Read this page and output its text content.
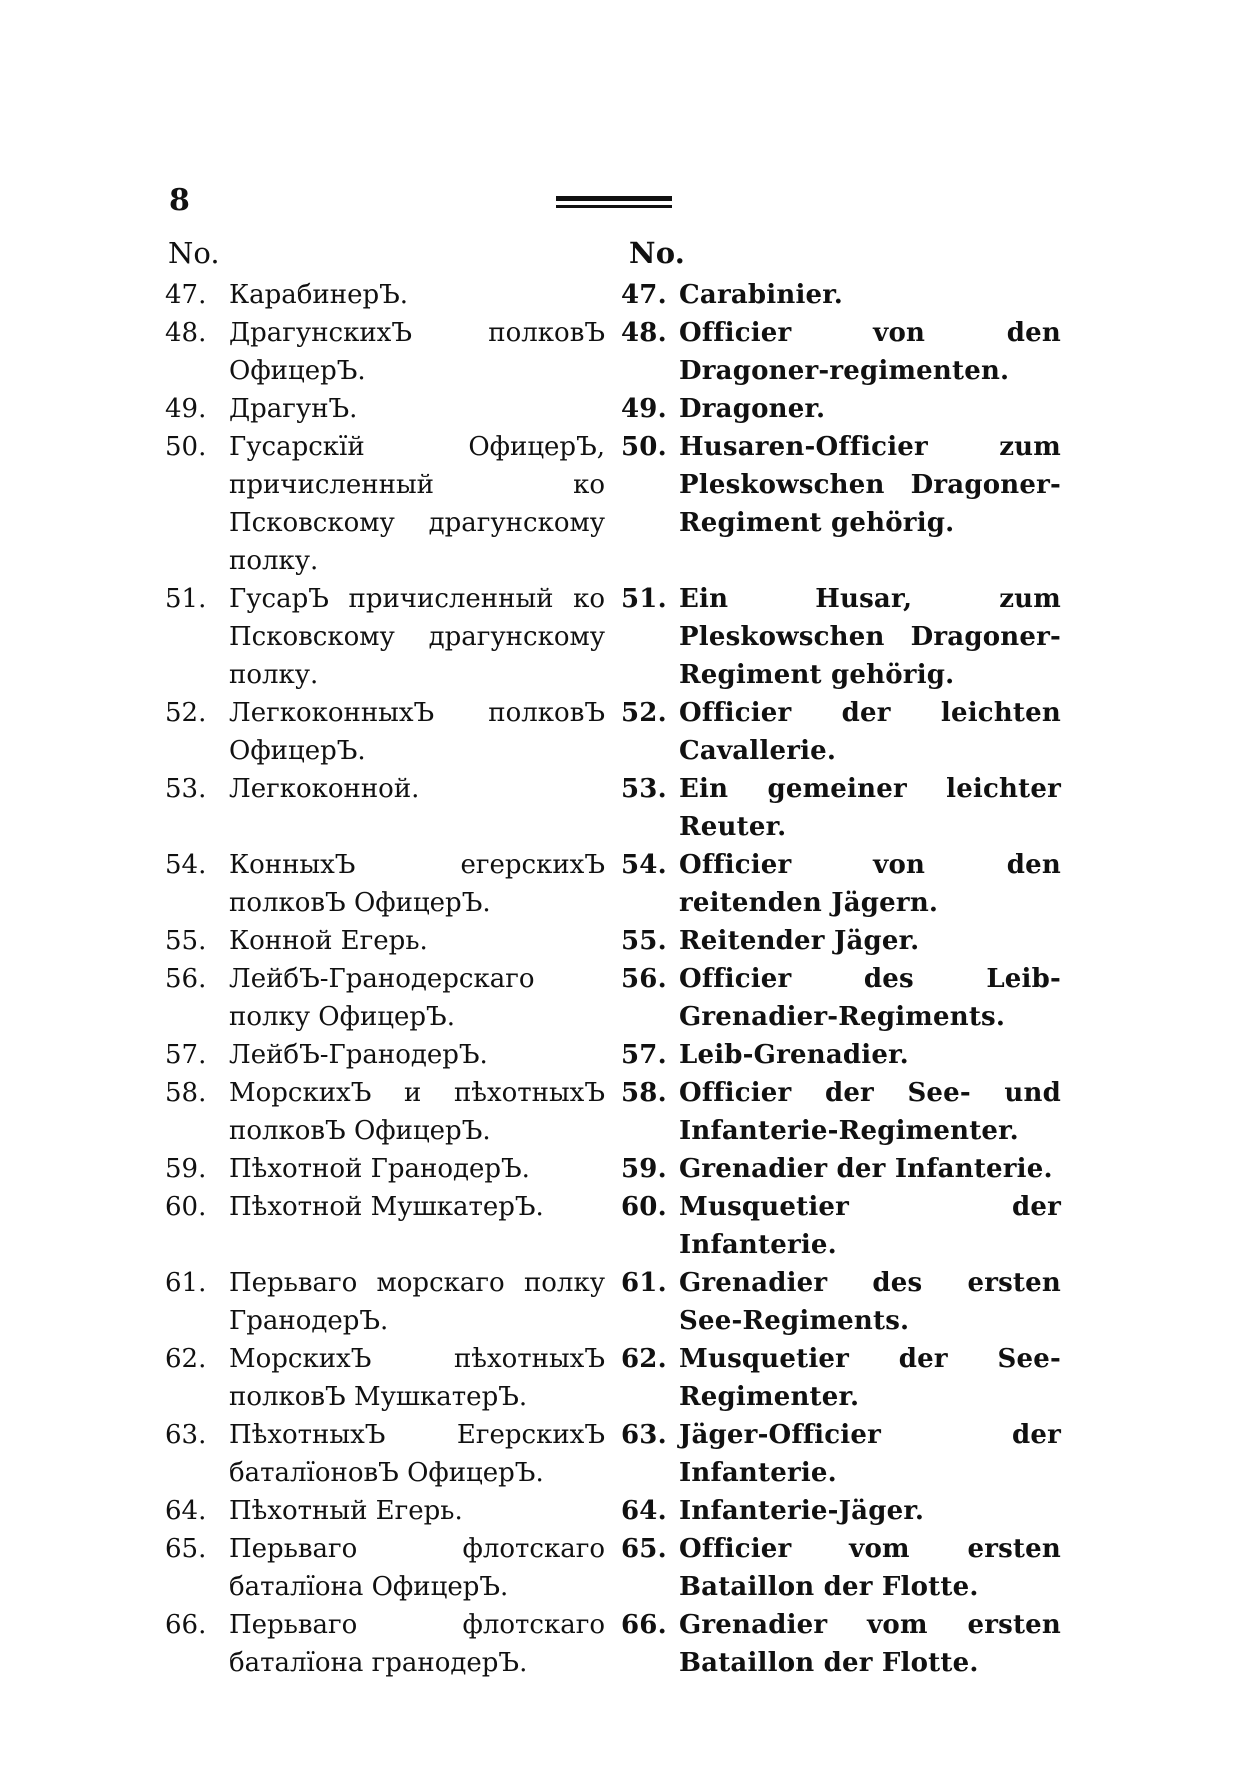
8
No.
47. КарабинерЪ.
48. ДрагунскихЪ полковЪ ОфицерЪ.
49. ДрагунЪ.
50. Гусарскїй ОфицерЪ, причисленный ко Псковскому драгунскому полку.
51. ГусарЪ причисленный ко Псковскому драгунскому полку.
52. ЛегкоконныхЪ полковЪ ОфицерЪ.
53. Легкоконной.
54. КонныхЪ егерскихЪ полковЪ ОфицерЪ.
55. Конной Егерь.
56. ЛейбЪ-Гранодерскаго полку ОфицерЪ.
57. ЛейбЪ-ГранодерЪ.
58. МорскихЪ и пѣхотныхЪ полковЪ ОфицерЪ.
59. Пѣхотной ГранодерЪ.
60. Пѣхотной МушкатерЪ.
61. Перьваго морскаго полку ГранодерЪ.
62. МорскихЪ пѣхотныхЪ полковЪ МушкатерЪ.
63. ПѣхотныхЪ ЕгерскихЪ баталїоновЪ ОфицерЪ.
64. Пѣхотный Егерь.
65. Перьваго флотскаго баталїона ОфицерЪ.
66. Перьваго флотскаго баталїона гранодерЪ.
No.
47. Carabinier.
48. Officier von den Dragoner-regimenten.
49. Dragoner.
50. Husaren-Officier zum Pleskowschen Dragoner-Regiment gehörig.
51. Ein Husar, zum Pleskowschen Dragoner-Regiment gehörig.
52. Officier der leichten Cavallerie.
53. Ein gemeiner leichter Reuter.
54. Officier von den reitenden Jägern.
55. Reitender Jäger.
56. Officier des Leib-Grenadier-Regiments.
57. Leib-Grenadier.
58. Officier der See- und Infanterie-Regimenter.
59. Grenadier der Infanterie.
60. Musquetier der Infanterie.
61. Grenadier des ersten See-Regiments.
62. Musquetier der See-Regimenter.
63. Jäger-Officier der Infanterie.
64. Infanterie-Jäger.
65. Officier vom ersten Bataillon der Flotte.
66. Grenadier vom ersten Bataillon der Flotte.
